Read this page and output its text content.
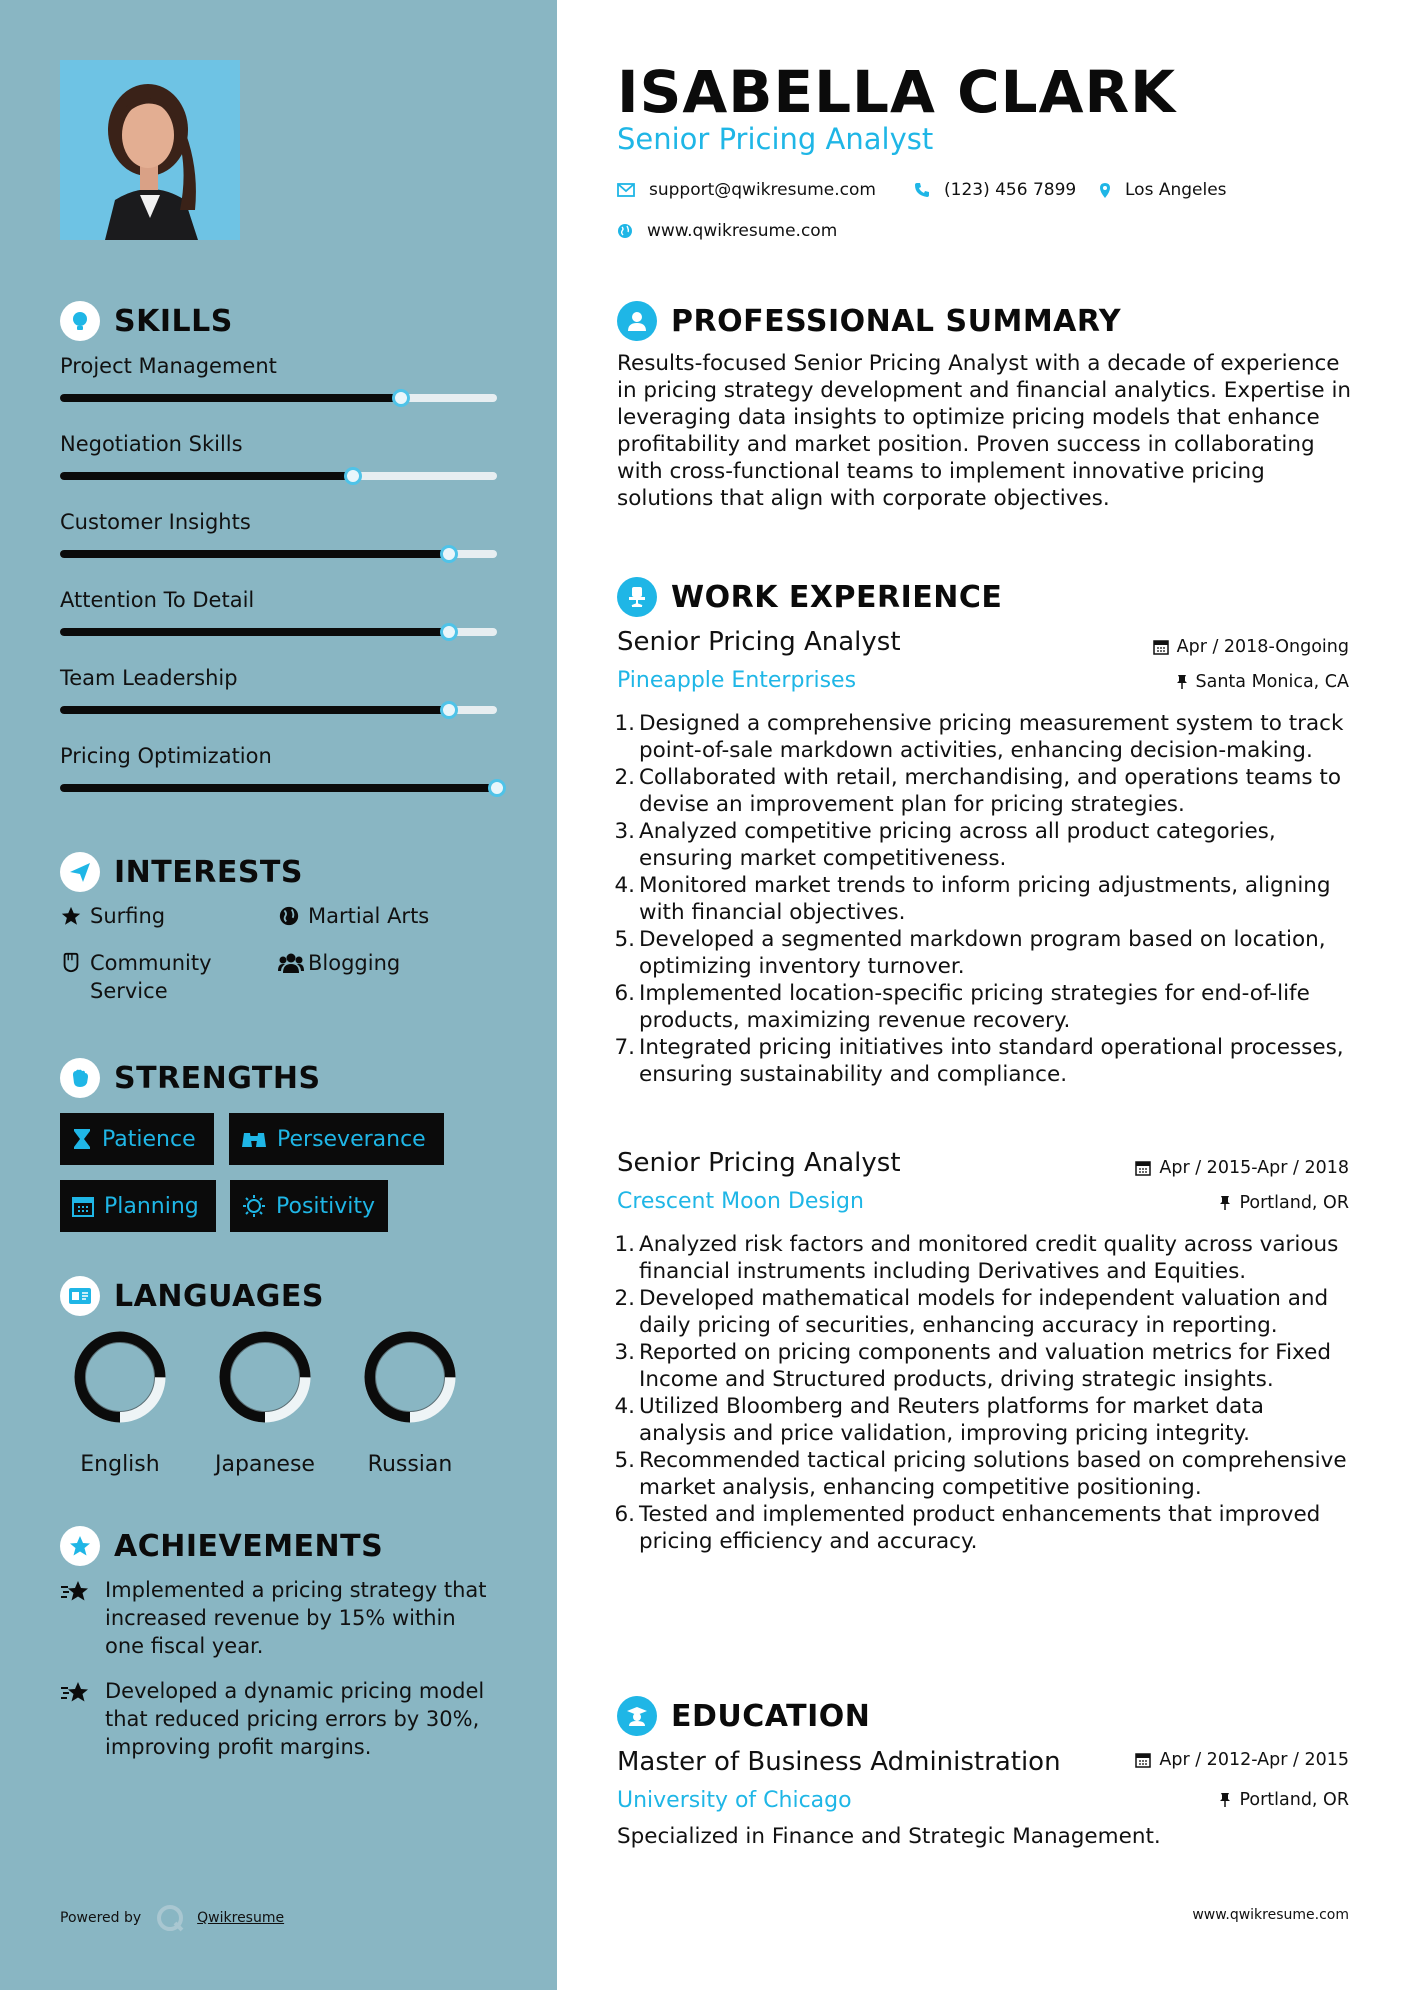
SKILLS
Project Management
Negotiation Skills
Customer Insights
Attention To Detail
Team Leadership
Pricing Optimization
INTERESTS
Surfing	Martial Arts
Community Service
Blogging
STRENGTHS
Patience	Perseverance
Planning	Positivity
LANGUAGES
English	Japanese	Russian
ACHIEVEMENTS
Implemented a pricing strategy that increased revenue by 15% within one fiscal year.
Developed a dynamic pricing model that reduced pricing errors by 30%, improving profit margins.
Powered by	Qwikresume
ISABELLA CLARK
Senior Pricing Analyst
support@qwikresume.com	(123) 456 7899	Los Angeles
www.qwikresume.com
PROFESSIONAL SUMMARY
Results-focused Senior Pricing Analyst with a decade of experience in pricing strategy development and financial analytics. Expertise in leveraging data insights to optimize pricing models that enhance profitability and market position. Proven success in collaborating with cross-functional teams to implement innovative pricing solutions that align with corporate objectives.
WORK EXPERIENCE
Senior Pricing Analyst	Apr / 2018-Ongoing
Pineapple Enterprises	Santa Monica, CA
1. Designed a comprehensive pricing measurement system to track point-of-sale markdown activities, enhancing decision-making.
2. Collaborated with retail, merchandising, and operations teams to devise an improvement plan for pricing strategies.
3. Analyzed competitive pricing across all product categories, ensuring market competitiveness.
4. Monitored market trends to inform pricing adjustments, aligning with financial objectives.
5. Developed a segmented markdown program based on location, optimizing inventory turnover.
6. Implemented location-specific pricing strategies for end-of-life products, maximizing revenue recovery.
7. Integrated pricing initiatives into standard operational processes, ensuring sustainability and compliance.
Senior Pricing Analyst	Apr / 2015-Apr / 2018
Crescent Moon Design	Portland, OR
1. Analyzed risk factors and monitored credit quality across various financial instruments including Derivatives and Equities.
2. Developed mathematical models for independent valuation and daily pricing of securities, enhancing accuracy in reporting.
3. Reported on pricing components and valuation metrics for Fixed Income and Structured products, driving strategic insights.
4. Utilized Bloomberg and Reuters platforms for market data analysis and price validation, improving pricing integrity.
5. Recommended tactical pricing solutions based on comprehensive market analysis, enhancing competitive positioning.
6. Tested and implemented product enhancements that improved pricing efficiency and accuracy.
EDUCATION
Master of Business Administration	Apr / 2012-Apr / 2015
University of Chicago	Portland, OR
Specialized in Finance and Strategic Management.
www.qwikresume.com
